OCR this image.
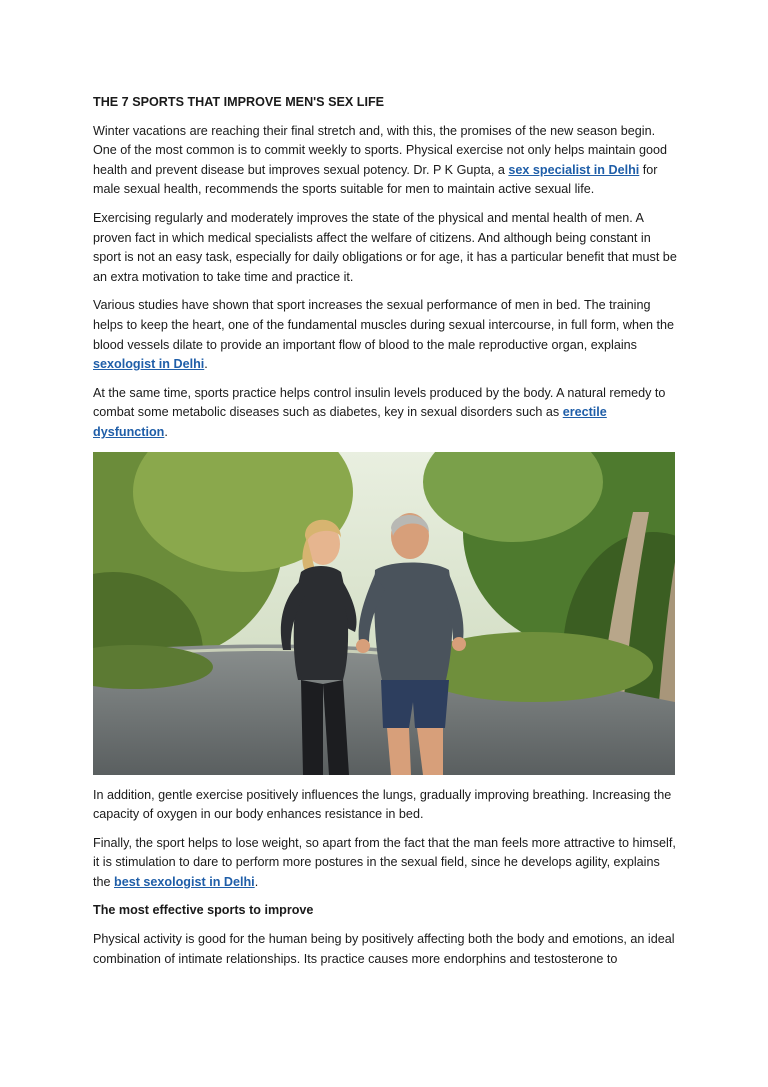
THE 7 SPORTS THAT IMPROVE MEN'S SEX LIFE

Winter vacations are reaching their final stretch and, with this, the promises of the new season begin. One of the most common is to commit weekly to sports. Physical exercise not only helps maintain good health and prevent disease but improves sexual potency. Dr. P K Gupta, a sex specialist in Delhi for male sexual health, recommends the sports suitable for men to maintain active sexual life.

Exercising regularly and moderately improves the state of the physical and mental health of men. A proven fact in which medical specialists affect the welfare of citizens. And although being constant in sport is not an easy task, especially for daily obligations or for age, it has a particular benefit that must be an extra motivation to take time and practice it.

Various studies have shown that sport increases the sexual performance of men in bed. The training helps to keep the heart, one of the fundamental muscles during sexual intercourse, in full form, when the blood vessels dilate to provide an important flow of blood to the male reproductive organ, explains sexologist in Delhi.

At the same time, sports practice helps control insulin levels produced by the body. A natural remedy to combat some metabolic diseases such as diabetes, key in sexual disorders such as erectile dysfunction.

In addition, gentle exercise positively influences the lungs, gradually improving breathing. Increasing the capacity of oxygen in our body enhances resistance in bed.

Finally, the sport helps to lose weight, so apart from the fact that the man feels more attractive to himself, it is stimulation to dare to perform more postures in the sexual field, since he develops agility, explains the best sexologist in Delhi.

The most effective sports to improve

Physical activity is good for the human being by positively affecting both the body and emotions, an ideal combination of intimate relationships. Its practice causes more endorphins and testosterone to
